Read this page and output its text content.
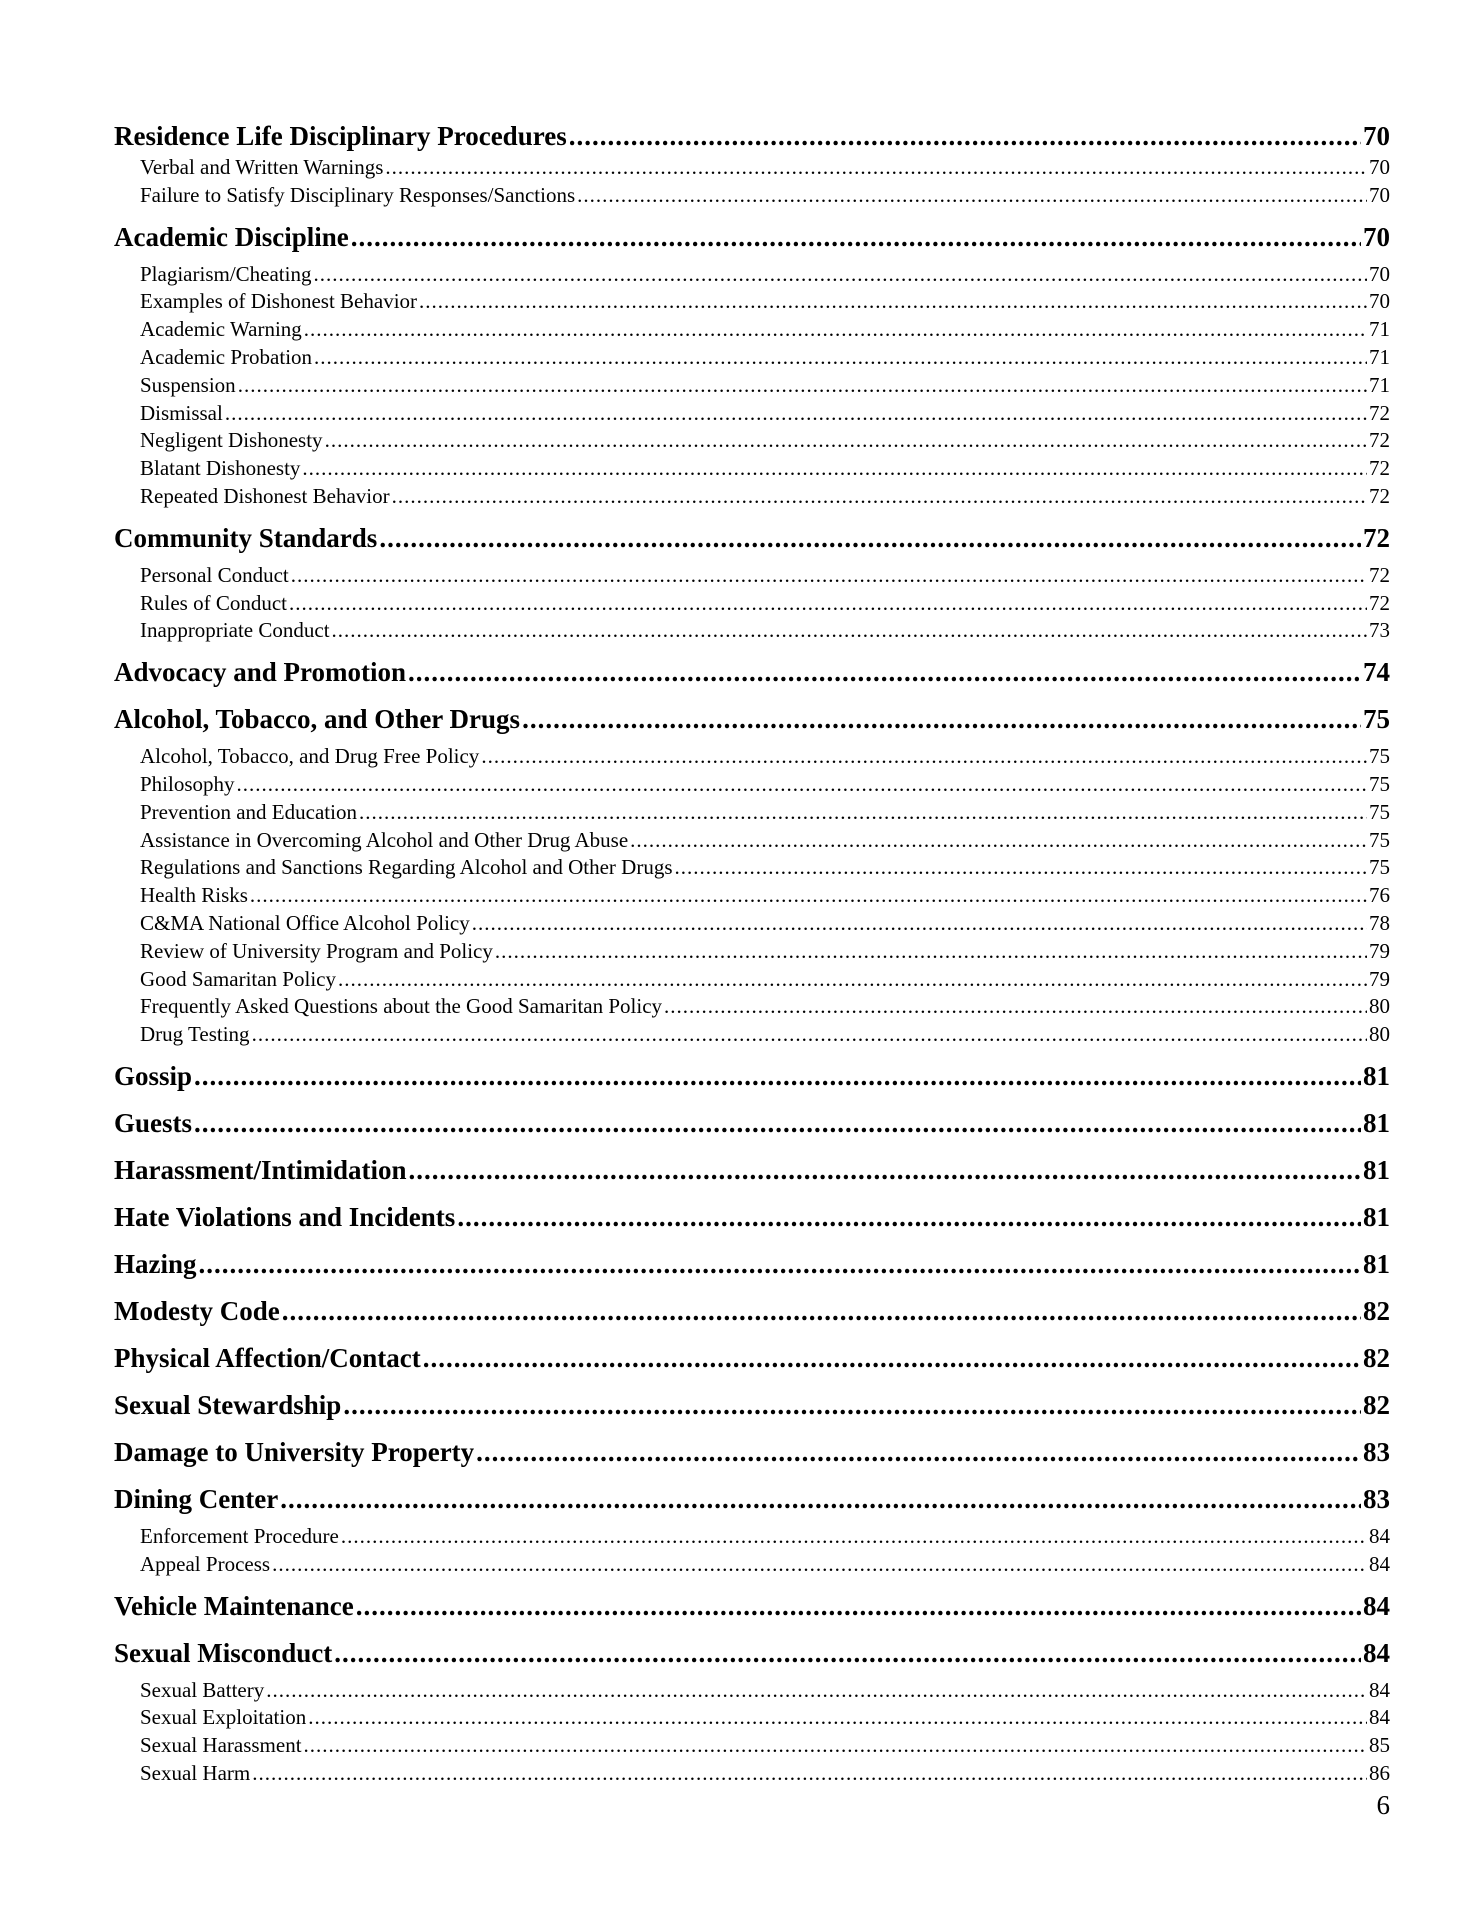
Residence Life Disciplinary Procedures .....	70
Verbal and Written Warnings .....	70
Failure to Satisfy Disciplinary Responses/Sanctions .....	70
Academic Discipline .....	70
Plagiarism/Cheating .....	70
Examples of Dishonest Behavior .....	70
Academic Warning .....	71
Academic Probation .....	71
Suspension .....	71
Dismissal .....	72
Negligent Dishonesty .....	72
Blatant Dishonesty .....	72
Repeated Dishonest Behavior .....	72
Community Standards .....	72
Personal Conduct .....	72
Rules of Conduct .....	72
Inappropriate Conduct .....	73
Advocacy and Promotion .....	74
Alcohol, Tobacco, and Other Drugs .....	75
Alcohol, Tobacco, and Drug Free Policy .....	75
Philosophy .....	75
Prevention and Education .....	75
Assistance in Overcoming Alcohol and Other Drug Abuse .....	75
Regulations and Sanctions Regarding Alcohol and Other Drugs .....	75
Health Risks .....	76
C&MA National Office Alcohol Policy .....	78
Review of University Program and Policy .....	79
Good Samaritan Policy .....	79
Frequently Asked Questions about the Good Samaritan Policy .....	80
Drug Testing .....	80
Gossip .....	81
Guests .....	81
Harassment/Intimidation .....	81
Hate Violations and Incidents .....	81
Hazing .....	81
Modesty Code .....	82
Physical Affection/Contact .....	82
Sexual Stewardship .....	82
Damage to University Property .....	83
Dining Center .....	83
Enforcement Procedure .....	84
Appeal Process .....	84
Vehicle Maintenance .....	84
Sexual Misconduct .....	84
Sexual Battery .....	84
Sexual Exploitation .....	84
Sexual Harassment .....	85
Sexual Harm .....	86
6
